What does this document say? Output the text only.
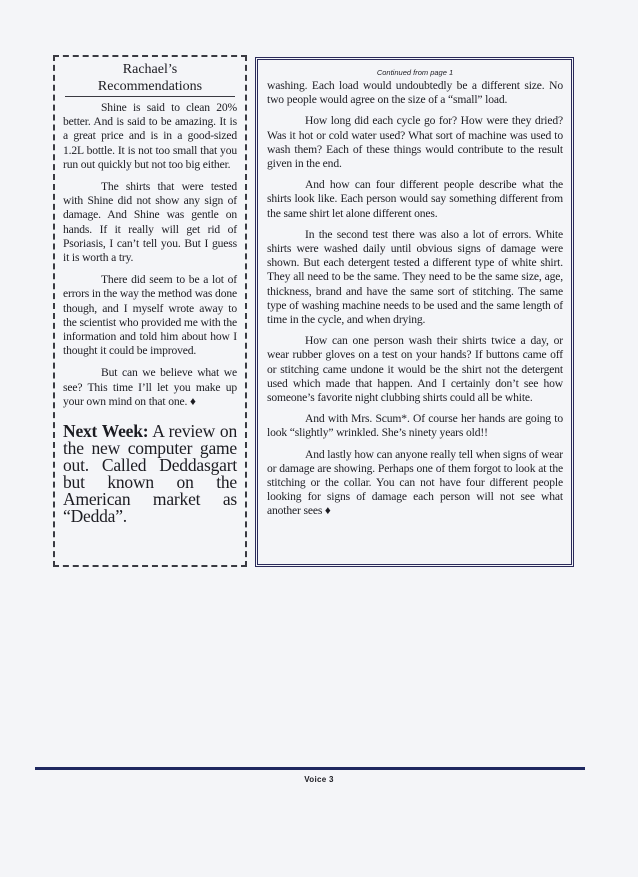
Rachael’s

Recommendations

Shine is said to clean 20% better. And is said to be amazing. It is a great price and is in a good-sized 1.2L bottle. It is not too small that you run out quickly but not too big either.

The shirts that were tested with Shine did not show any sign of damage. And Shine was gentle on hands. If it really will get rid of Psoriasis, I can’t tell you. But I guess it is worth a try.

There did seem to be a lot of errors in the way the method was done though, and I myself wrote away to the scientist who provided me with the information and told him about how I thought it could be improved.

But can we believe what we see? This time I’ll let you make up your own mind on that one. ♦

Next Week: A review on the new computer game out. Called Deddasgart but known on the American market as “Dedda”.

Continued from page 1

washing. Each load would undoubtedly be a different size. No two people would agree on the size of a “small” load.

How long did each cycle go for? How were they dried? Was it hot or cold water used? What sort of machine was used to wash them? Each of these things would contribute to the result given in the end.

And how can four different people describe what the shirts look like. Each person would say something different from the same shirt let alone different ones.

In the second test there was also a lot of errors. White shirts were washed daily until obvious signs of damage were shown. But each detergent tested a different type of white shirt. They all need to be the same. They need to be the same size, age, thickness, brand and have the same sort of stitching. The same type of washing machine needs to be used and the same length of time in the cycle, and when drying.

How can one person wash their shirts twice a day, or wear rubber gloves on a test on your hands? If buttons came off or stitching came undone it would be the shirt not the detergent used which made that happen. And I certainly don’t see how someone’s favorite night clubbing shirts could all be white.

And with Mrs. Scum*. Of course her hands are going to look “slightly” wrinkled. She’s ninety years old!!

And lastly how can anyone really tell when signs of wear or damage are showing. Perhaps one of them forgot to look at the stitching or the collar. You can not have four different people looking for signs of damage each person will not see what another sees ♦

Voice 3
